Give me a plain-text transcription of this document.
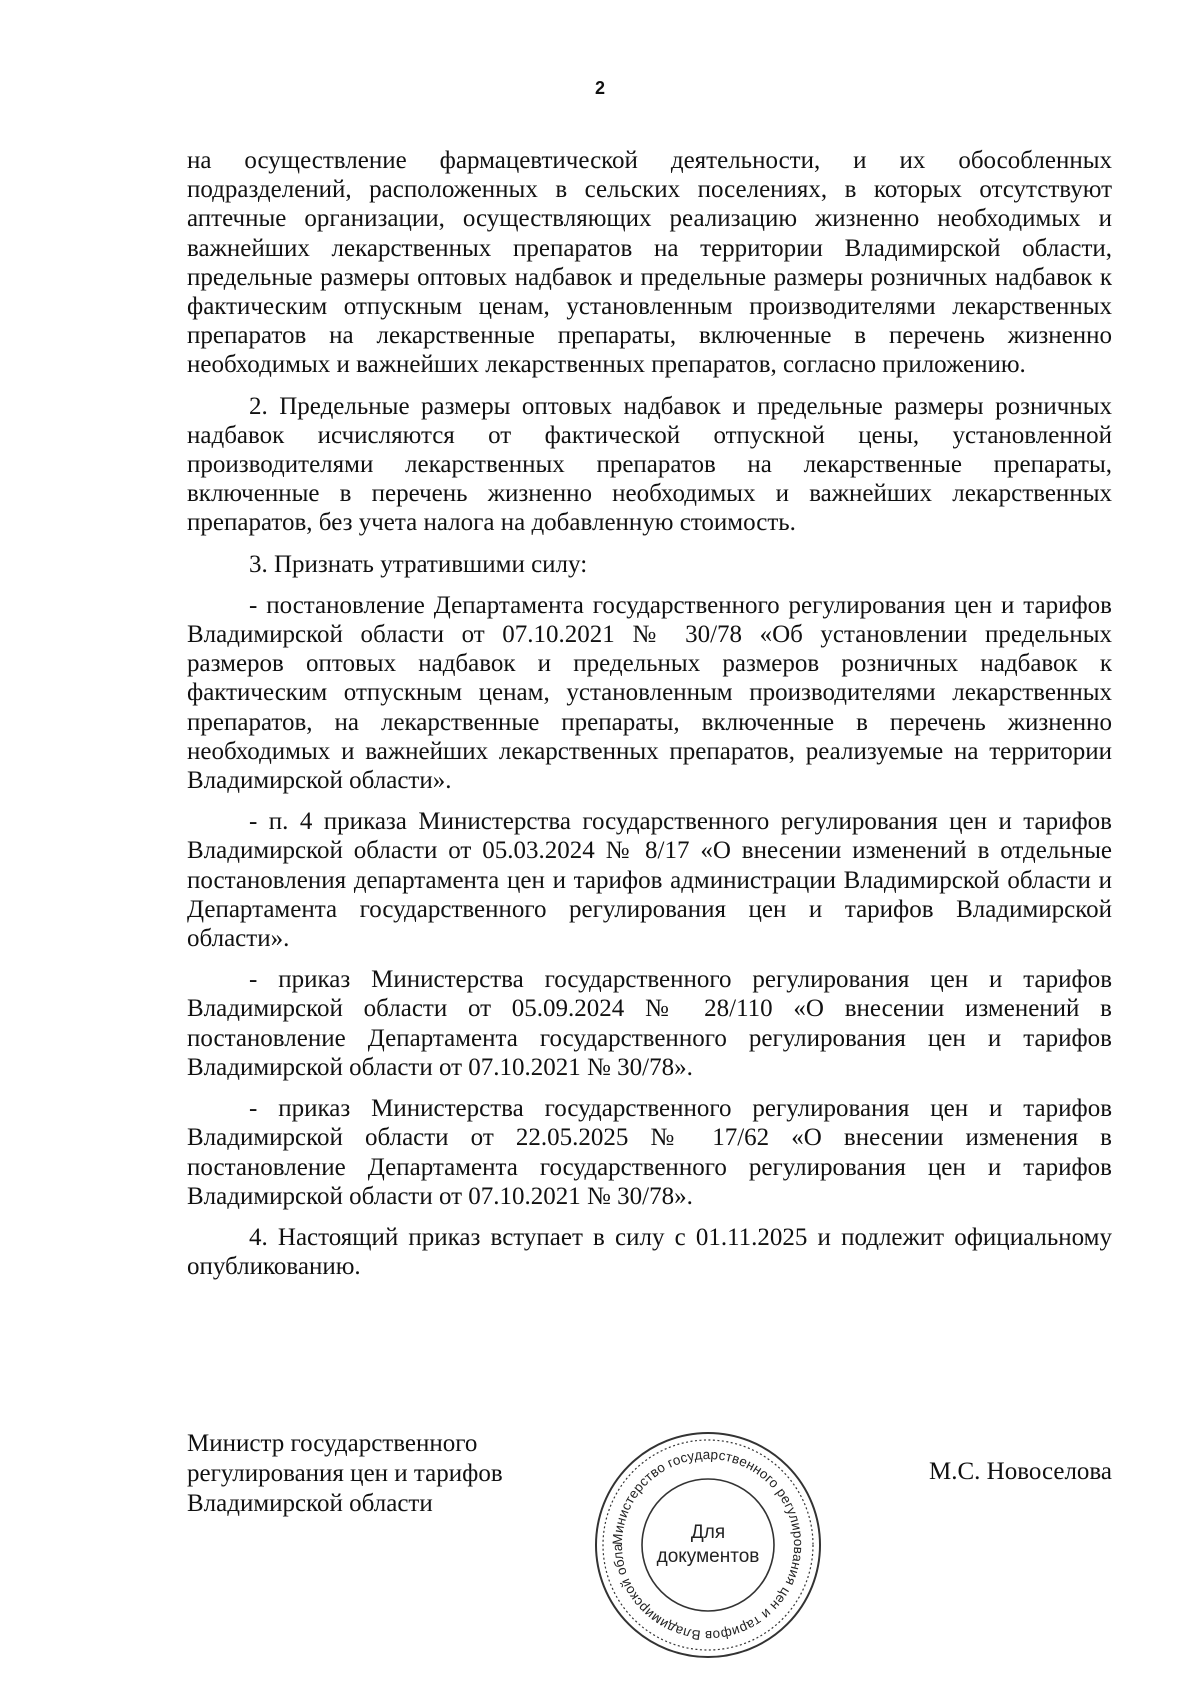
2

на осуществление фармацевтической деятельности, и их обособленных подразделений, расположенных в сельских поселениях, в которых отсутствуют аптечные организации, осуществляющих реализацию жизненно необходимых и важнейших лекарственных препаратов на территории Владимирской области, предельные размеры оптовых надбавок и предельные размеры розничных надбавок к фактическим отпускным ценам, установленным производителями лекарственных препаратов на лекарственные препараты, включенные в перечень жизненно необходимых и важнейших лекарственных препаратов, согласно приложению.

2. Предельные размеры оптовых надбавок и предельные размеры розничных надбавок исчисляются от фактической отпускной цены, установленной производителями лекарственных препаратов на лекарственные препараты, включенные в перечень жизненно необходимых и важнейших лекарственных препаратов, без учета налога на добавленную стоимость.

3. Признать утратившими силу:

- постановление Департамента государственного регулирования цен и тарифов Владимирской области от 07.10.2021 № 30/78 «Об установлении предельных размеров оптовых надбавок и предельных размеров розничных надбавок к фактическим отпускным ценам, установленным производителями лекарственных препаратов, на лекарственные препараты, включенные в перечень жизненно необходимых и важнейших лекарственных препаратов, реализуемые на территории Владимирской области».

- п. 4 приказа Министерства государственного регулирования цен и тарифов Владимирской области от 05.03.2024 № 8/17 «О внесении изменений в отдельные постановления департамента цен и тарифов администрации Владимирской области и Департамента государственного регулирования цен и тарифов Владимирской области».

- приказ Министерства государственного регулирования цен и тарифов Владимирской области от 05.09.2024 № 28/110 «О внесении изменений в постановление Департамента государственного регулирования цен и тарифов Владимирской области от 07.10.2021 № 30/78».

- приказ Министерства государственного регулирования цен и тарифов Владимирской области от 22.05.2025 № 17/62 «О внесении изменения в постановление Департамента государственного регулирования цен и тарифов Владимирской области от 07.10.2021 № 30/78».

4. Настоящий приказ вступает в силу с 01.11.2025 и подлежит официальному опубликованию.

Министр государственного
регулирования цен и тарифов
Владимирской области
Министерство государственного регулирования цен и тарифов Владимирской обла
Для
документов
М.С. Новоселова
